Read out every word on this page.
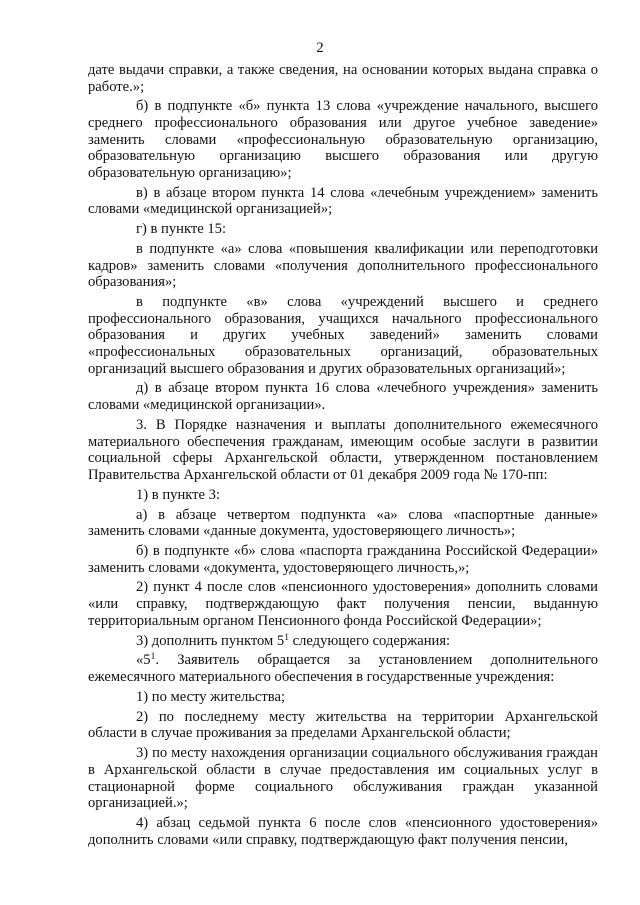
2

дате выдачи справки, а также сведения, на основании которых выдана справка о работе.»;

б) в подпункте «б» пункта 13 слова «учреждение начального, высшего среднего профессионального образования или другое учебное заведение» заменить словами «профессиональную образовательную организацию, образовательную организацию высшего образования или другую образовательную организацию»;

в) в абзаце втором пункта 14 слова «лечебным учреждением» заменить словами «медицинской организацией»;

г) в пункте 15:

в подпункте «а» слова «повышения квалификации или переподготовки кадров» заменить словами «получения дополнительного профессионального образования»;

в подпункте «в» слова «учреждений высшего и среднего профессионального образования, учащихся начального профессионального образования и других учебных заведений» заменить словами «профессиональных образовательных организаций, образовательных организаций высшего образования и других образовательных организаций»;

д) в абзаце втором пункта 16 слова «лечебного учреждения» заменить словами «медицинской организации».

3. В Порядке назначения и выплаты дополнительного ежемесячного материального обеспечения гражданам, имеющим особые заслуги в развитии социальной сферы Архангельской области, утвержденном постановлением Правительства Архангельской области от 01 декабря 2009 года № 170-пп:

1) в пункте 3:

а) в абзаце четвертом подпункта «а» слова «паспортные данные» заменить словами «данные документа, удостоверяющего личность»;

б) в подпункте «б» слова «паспорта гражданина Российской Федерации» заменить словами «документа, удостоверяющего личность,»;

2) пункт 4 после слов «пенсионного удостоверения» дополнить словами «или справку, подтверждающую факт получения пенсии, выданную территориальным органом Пенсионного фонда Российской Федерации»;

3) дополнить пунктом $5^1$ следующего содержания:

«$5^1$. Заявитель обращается за установлением дополнительного ежемесячного материального обеспечения в государственные учреждения:

1) по месту жительства;

2) по последнему месту жительства на территории Архангельской области в случае проживания за пределами Архангельской области;

3) по месту нахождения организации социального обслуживания граждан в Архангельской области в случае предоставления им социальных услуг в стационарной форме социального обслуживания граждан указанной организацией.»;

4) абзац седьмой пункта 6 после слов «пенсионного удостоверения» дополнить словами «или справку, подтверждающую факт получения пенсии,
